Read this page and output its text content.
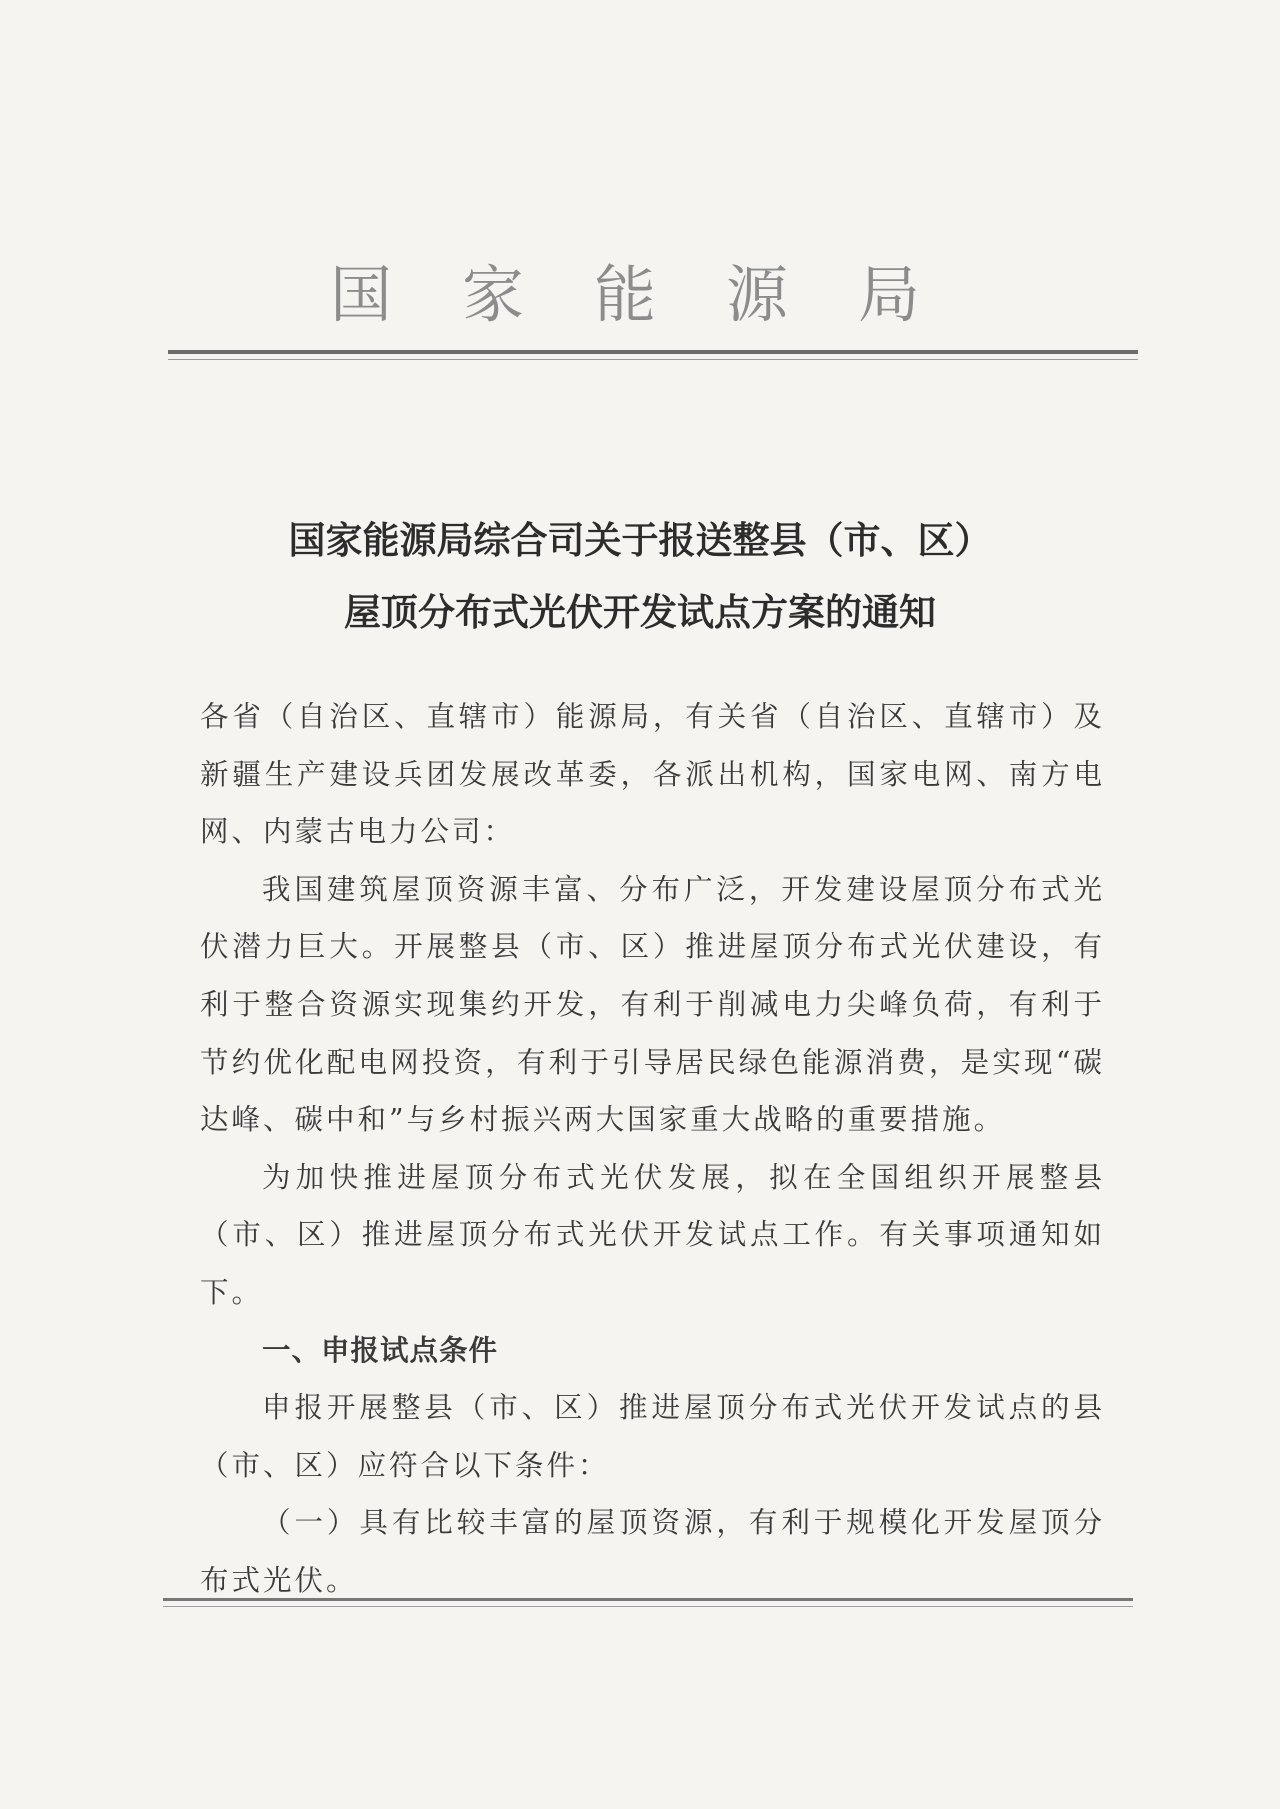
国家能源局
国家能源局综合司关于报送整县（市、区）
屋顶分布式光伏开发试点方案的通知

各省（自治区、直辖市）能源局，有关省（自治区、直辖市）及新疆生产建设兵团发展改革委，各派出机构，国家电网、南方电网、内蒙古电力公司：

我国建筑屋顶资源丰富、分布广泛，开发建设屋顶分布式光伏潜力巨大。开展整县（市、区）推进屋顶分布式光伏建设，有利于整合资源实现集约开发，有利于削减电力尖峰负荷，有利于节约优化配电网投资，有利于引导居民绿色能源消费，是实现“碳达峰、碳中和”与乡村振兴两大国家重大战略的重要措施。

为加快推进屋顶分布式光伏发展，拟在全国组织开展整县（市、区）推进屋顶分布式光伏开发试点工作。有关事项通知如下。

一、申报试点条件

申报开展整县（市、区）推进屋顶分布式光伏开发试点的县（市、区）应符合以下条件：

（一）具有比较丰富的屋顶资源，有利于规模化开发屋顶分布式光伏。
